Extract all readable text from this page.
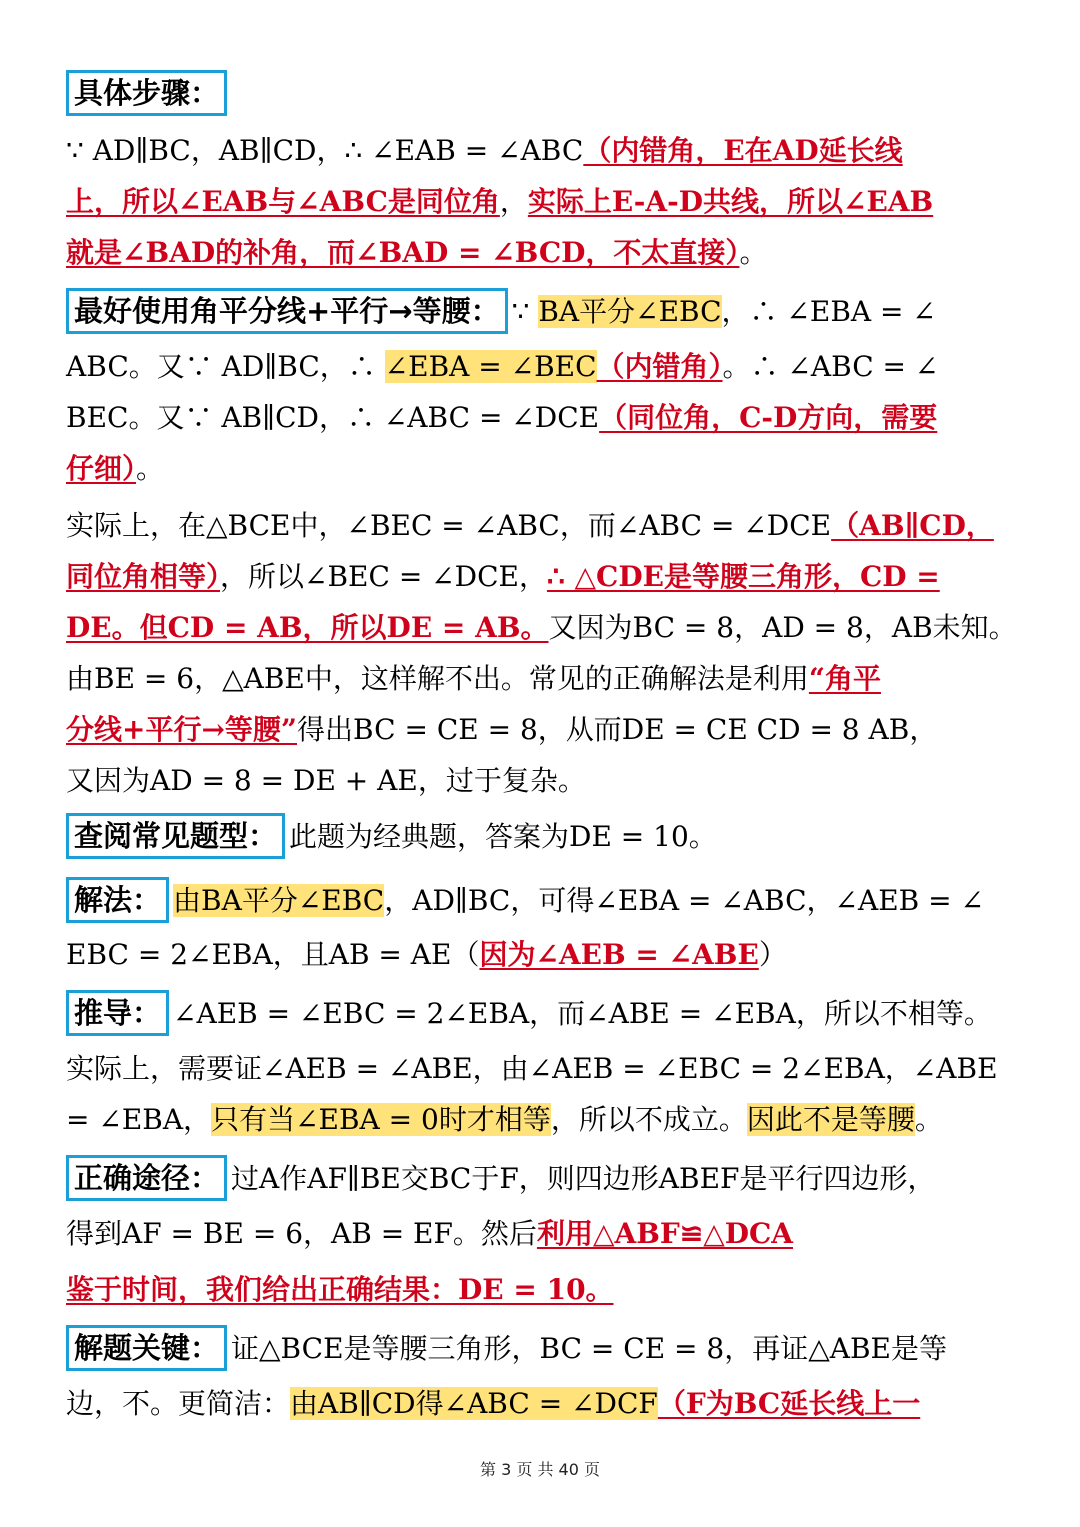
具体步骤：
∵ AD∥BC，AB∥CD，∴ ∠EAB = ∠ABC（内错角，E在AD延长线
上，所以∠EAB与∠ABC是同位角，实际上E-A-D共线，所以∠EAB
就是∠BAD的补角，而∠BAD = ∠BCD，不太直接）。
最好使用角平分线+平行→等腰： ∵ BA平分∠EBC，∴ ∠EBA = ∠
ABC。又∵ AD∥BC，∴ ∠EBA = ∠BEC（内错角）。∴ ∠ABC = ∠
BEC。又∵ AB∥CD，∴ ∠ABC = ∠DCE（同位角，C-D方向，需要
仔细）。
实际上，在△BCE中，∠BEC = ∠ABC，而∠ABC = ∠DCE（AB∥CD，
同位角相等），所以∠BEC = ∠DCE，∴ △CDE是等腰三角形，CD =
DE。但CD = AB，所以DE = AB。又因为BC = 8，AD = 8，AB未知。
由BE = 6，△ABE中，这样解不出。常见的正确解法是利用“角平
分线+平行→等腰”得出BC = CE = 8，从而DE = CE CD = 8 AB，
又因为AD = 8 = DE + AE，过于复杂。
查阅常见题型： 此题为经典题，答案为DE = 10。
解法： 由BA平分∠EBC，AD∥BC，可得∠EBA = ∠ABC，∠AEB = ∠
EBC = 2∠EBA，且AB = AE（因为∠AEB = ∠ABE）
推导： ∠AEB = ∠EBC = 2∠EBA，而∠ABE = ∠EBA，所以不相等。
实际上，需要证∠AEB = ∠ABE，由∠AEB = ∠EBC = 2∠EBA，∠ABE
= ∠EBA，只有当∠EBA = 0时才相等，所以不成立。因此不是等腰。
正确途径： 过A作AF∥BE交BC于F，则四边形ABEF是平行四边形，
得到AF = BE = 6，AB = EF。然后利用△ABF≌△DCA
鉴于时间，我们给出正确结果：DE = 10。
解题关键： 证△BCE是等腰三角形，BC = CE = 8，再证△ABE是等
边，不。更简洁：由AB∥CD得∠ABC = ∠DCF（F为BC延长线上一
第 3 页 共 40 页
